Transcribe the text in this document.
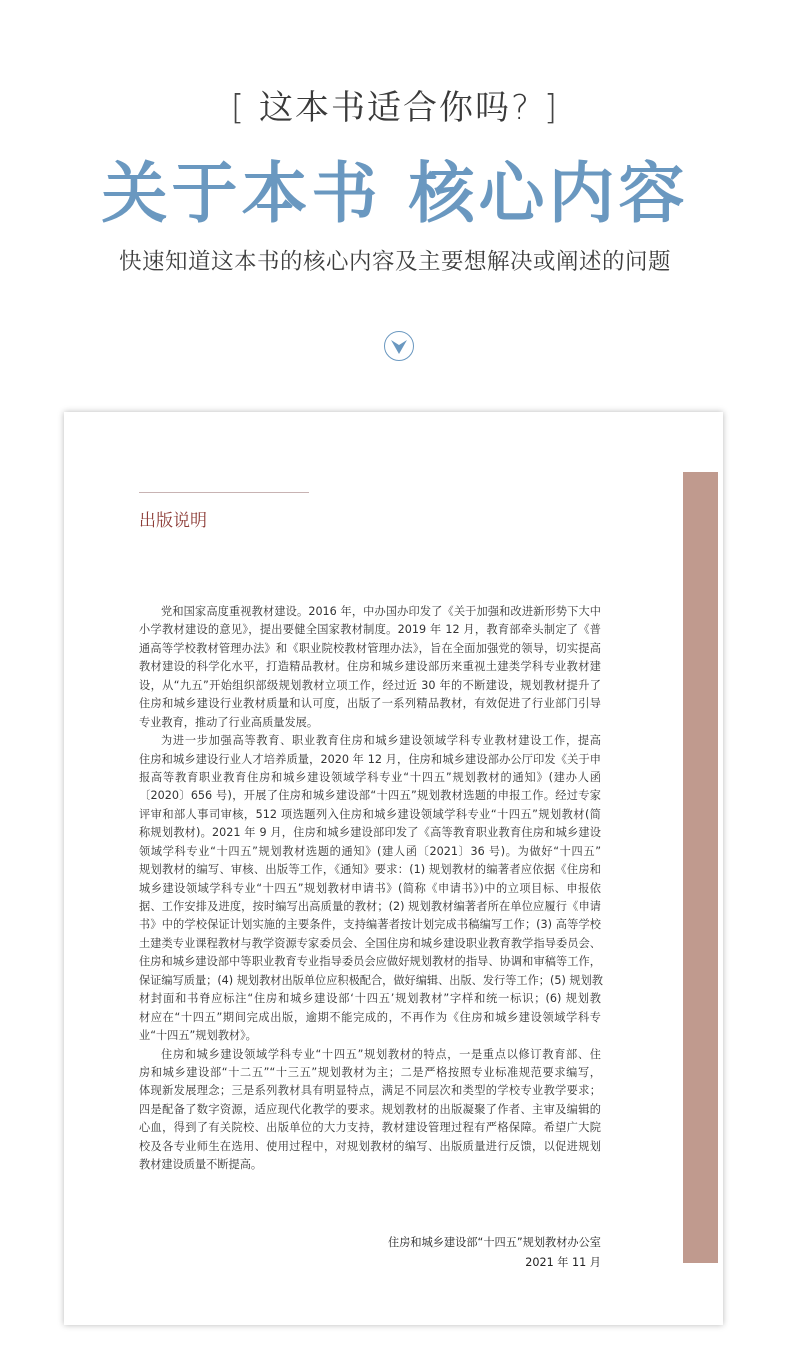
[ 这本书适合你吗? ]
关于本书 核心内容
快速知道这本书的核心内容及主要想解决或阐述的问题
出版说明
党和国家高度重视教材建设。2016 年，中办国办印发了《关于加强和改进新形势下大中
小学教材建设的意见》，提出要健全国家教材制度。2019 年 12 月，教育部牵头制定了《普
通高等学校教材管理办法》和《职业院校教材管理办法》，旨在全面加强党的领导，切实提高
教材建设的科学化水平，打造精品教材。住房和城乡建设部历来重视土建类学科专业教材建
设，从“九五”开始组织部级规划教材立项工作，经过近 30 年的不断建设，规划教材提升了
住房和城乡建设行业教材质量和认可度，出版了一系列精品教材，有效促进了行业部门引导
专业教育，推动了行业高质量发展。
为进一步加强高等教育、职业教育住房和城乡建设领域学科专业教材建设工作，提高
住房和城乡建设行业人才培养质量，2020 年 12 月，住房和城乡建设部办公厅印发《关于申
报高等教育职业教育住房和城乡建设领域学科专业“十四五”规划教材的通知》(建办人函
〔2020〕656 号)，开展了住房和城乡建设部“十四五”规划教材选题的申报工作。经过专家
评审和部人事司审核，512 项选题列入住房和城乡建设领域学科专业“十四五”规划教材(简
称规划教材)。2021 年 9 月，住房和城乡建设部印发了《高等教育职业教育住房和城乡建设
领域学科专业“十四五”规划教材选题的通知》(建人函〔2021〕36 号)。为做好“十四五”
规划教材的编写、审核、出版等工作，《通知》要求：(1) 规划教材的编著者应依据《住房和
城乡建设领域学科专业“十四五”规划教材申请书》(简称《申请书》)中的立项目标、申报依
据、工作安排及进度，按时编写出高质量的教材；(2) 规划教材编著者所在单位应履行《申请
书》中的学校保证计划实施的主要条件，支持编著者按计划完成书稿编写工作；(3) 高等学校
土建类专业课程教材与教学资源专家委员会、全国住房和城乡建设职业教育教学指导委员会、
住房和城乡建设部中等职业教育专业指导委员会应做好规划教材的指导、协调和审稿等工作，
保证编写质量；(4) 规划教材出版单位应积极配合，做好编辑、出版、发行等工作；(5) 规划教
材封面和书脊应标注“住房和城乡建设部‘十四五’规划教材”字样和统一标识；(6) 规划教
材应在“十四五”期间完成出版，逾期不能完成的，不再作为《住房和城乡建设领域学科专
业“十四五”规划教材》。
住房和城乡建设领域学科专业“十四五”规划教材的特点，一是重点以修订教育部、住
房和城乡建设部“十二五”“十三五”规划教材为主；二是严格按照专业标准规范要求编写，
体现新发展理念；三是系列教材具有明显特点，满足不同层次和类型的学校专业教学要求；
四是配备了数字资源，适应现代化教学的要求。规划教材的出版凝聚了作者、主审及编辑的
心血，得到了有关院校、出版单位的大力支持，教材建设管理过程有严格保障。希望广大院
校及各专业师生在选用、使用过程中，对规划教材的编写、出版质量进行反馈，以促进规划
教材建设质量不断提高。
住房和城乡建设部“十四五”规划教材办公室
2021 年 11 月
